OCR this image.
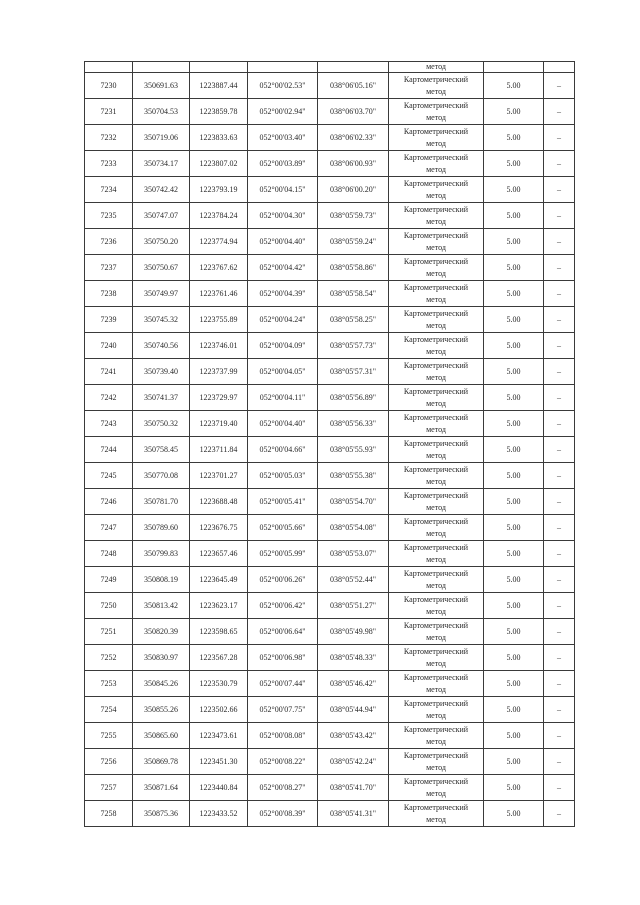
					метод		
7230	350691.63	1223887.44	052°00'02.53"	038°06'05.16"	Картометрический
метод	5.00	–
7231	350704.53	1223859.78	052°00'02.94"	038°06'03.70"	Картометрический
метод	5.00	–
7232	350719.06	1223833.63	052°00'03.40"	038°06'02.33"	Картометрический
метод	5.00	–
7233	350734.17	1223807.02	052°00'03.89"	038°06'00.93"	Картометрический
метод	5.00	–
7234	350742.42	1223793.19	052°00'04.15"	038°06'00.20"	Картометрический
метод	5.00	–
7235	350747.07	1223784.24	052°00'04.30"	038°05'59.73"	Картометрический
метод	5.00	–
7236	350750.20	1223774.94	052°00'04.40"	038°05'59.24"	Картометрический
метод	5.00	–
7237	350750.67	1223767.62	052°00'04.42"	038°05'58.86"	Картометрический
метод	5.00	–
7238	350749.97	1223761.46	052°00'04.39"	038°05'58.54"	Картометрический
метод	5.00	–
7239	350745.32	1223755.89	052°00'04.24"	038°05'58.25"	Картометрический
метод	5.00	–
7240	350740.56	1223746.01	052°00'04.09"	038°05'57.73"	Картометрический
метод	5.00	–
7241	350739.40	1223737.99	052°00'04.05"	038°05'57.31"	Картометрический
метод	5.00	–
7242	350741.37	1223729.97	052°00'04.11"	038°05'56.89"	Картометрический
метод	5.00	–
7243	350750.32	1223719.40	052°00'04.40"	038°05'56.33"	Картометрический
метод	5.00	–
7244	350758.45	1223711.84	052°00'04.66"	038°05'55.93"	Картометрический
метод	5.00	–
7245	350770.08	1223701.27	052°00'05.03"	038°05'55.38"	Картометрический
метод	5.00	–
7246	350781.70	1223688.48	052°00'05.41"	038°05'54.70"	Картометрический
метод	5.00	–
7247	350789.60	1223676.75	052°00'05.66"	038°05'54.08"	Картометрический
метод	5.00	–
7248	350799.83	1223657.46	052°00'05.99"	038°05'53.07"	Картометрический
метод	5.00	–
7249	350808.19	1223645.49	052°00'06.26"	038°05'52.44"	Картометрический
метод	5.00	–
7250	350813.42	1223623.17	052°00'06.42"	038°05'51.27"	Картометрический
метод	5.00	–
7251	350820.39	1223598.65	052°00'06.64"	038°05'49.98"	Картометрический
метод	5.00	–
7252	350830.97	1223567.28	052°00'06.98"	038°05'48.33"	Картометрический
метод	5.00	–
7253	350845.26	1223530.79	052°00'07.44"	038°05'46.42"	Картометрический
метод	5.00	–
7254	350855.26	1223502.66	052°00'07.75"	038°05'44.94"	Картометрический
метод	5.00	–
7255	350865.60	1223473.61	052°00'08.08"	038°05'43.42"	Картометрический
метод	5.00	–
7256	350869.78	1223451.30	052°00'08.22"	038°05'42.24"	Картометрический
метод	5.00	–
7257	350871.64	1223440.84	052°00'08.27"	038°05'41.70"	Картометрический
метод	5.00	–
7258	350875.36	1223433.52	052°00'08.39"	038°05'41.31"	Картометрический
метод	5.00	–
